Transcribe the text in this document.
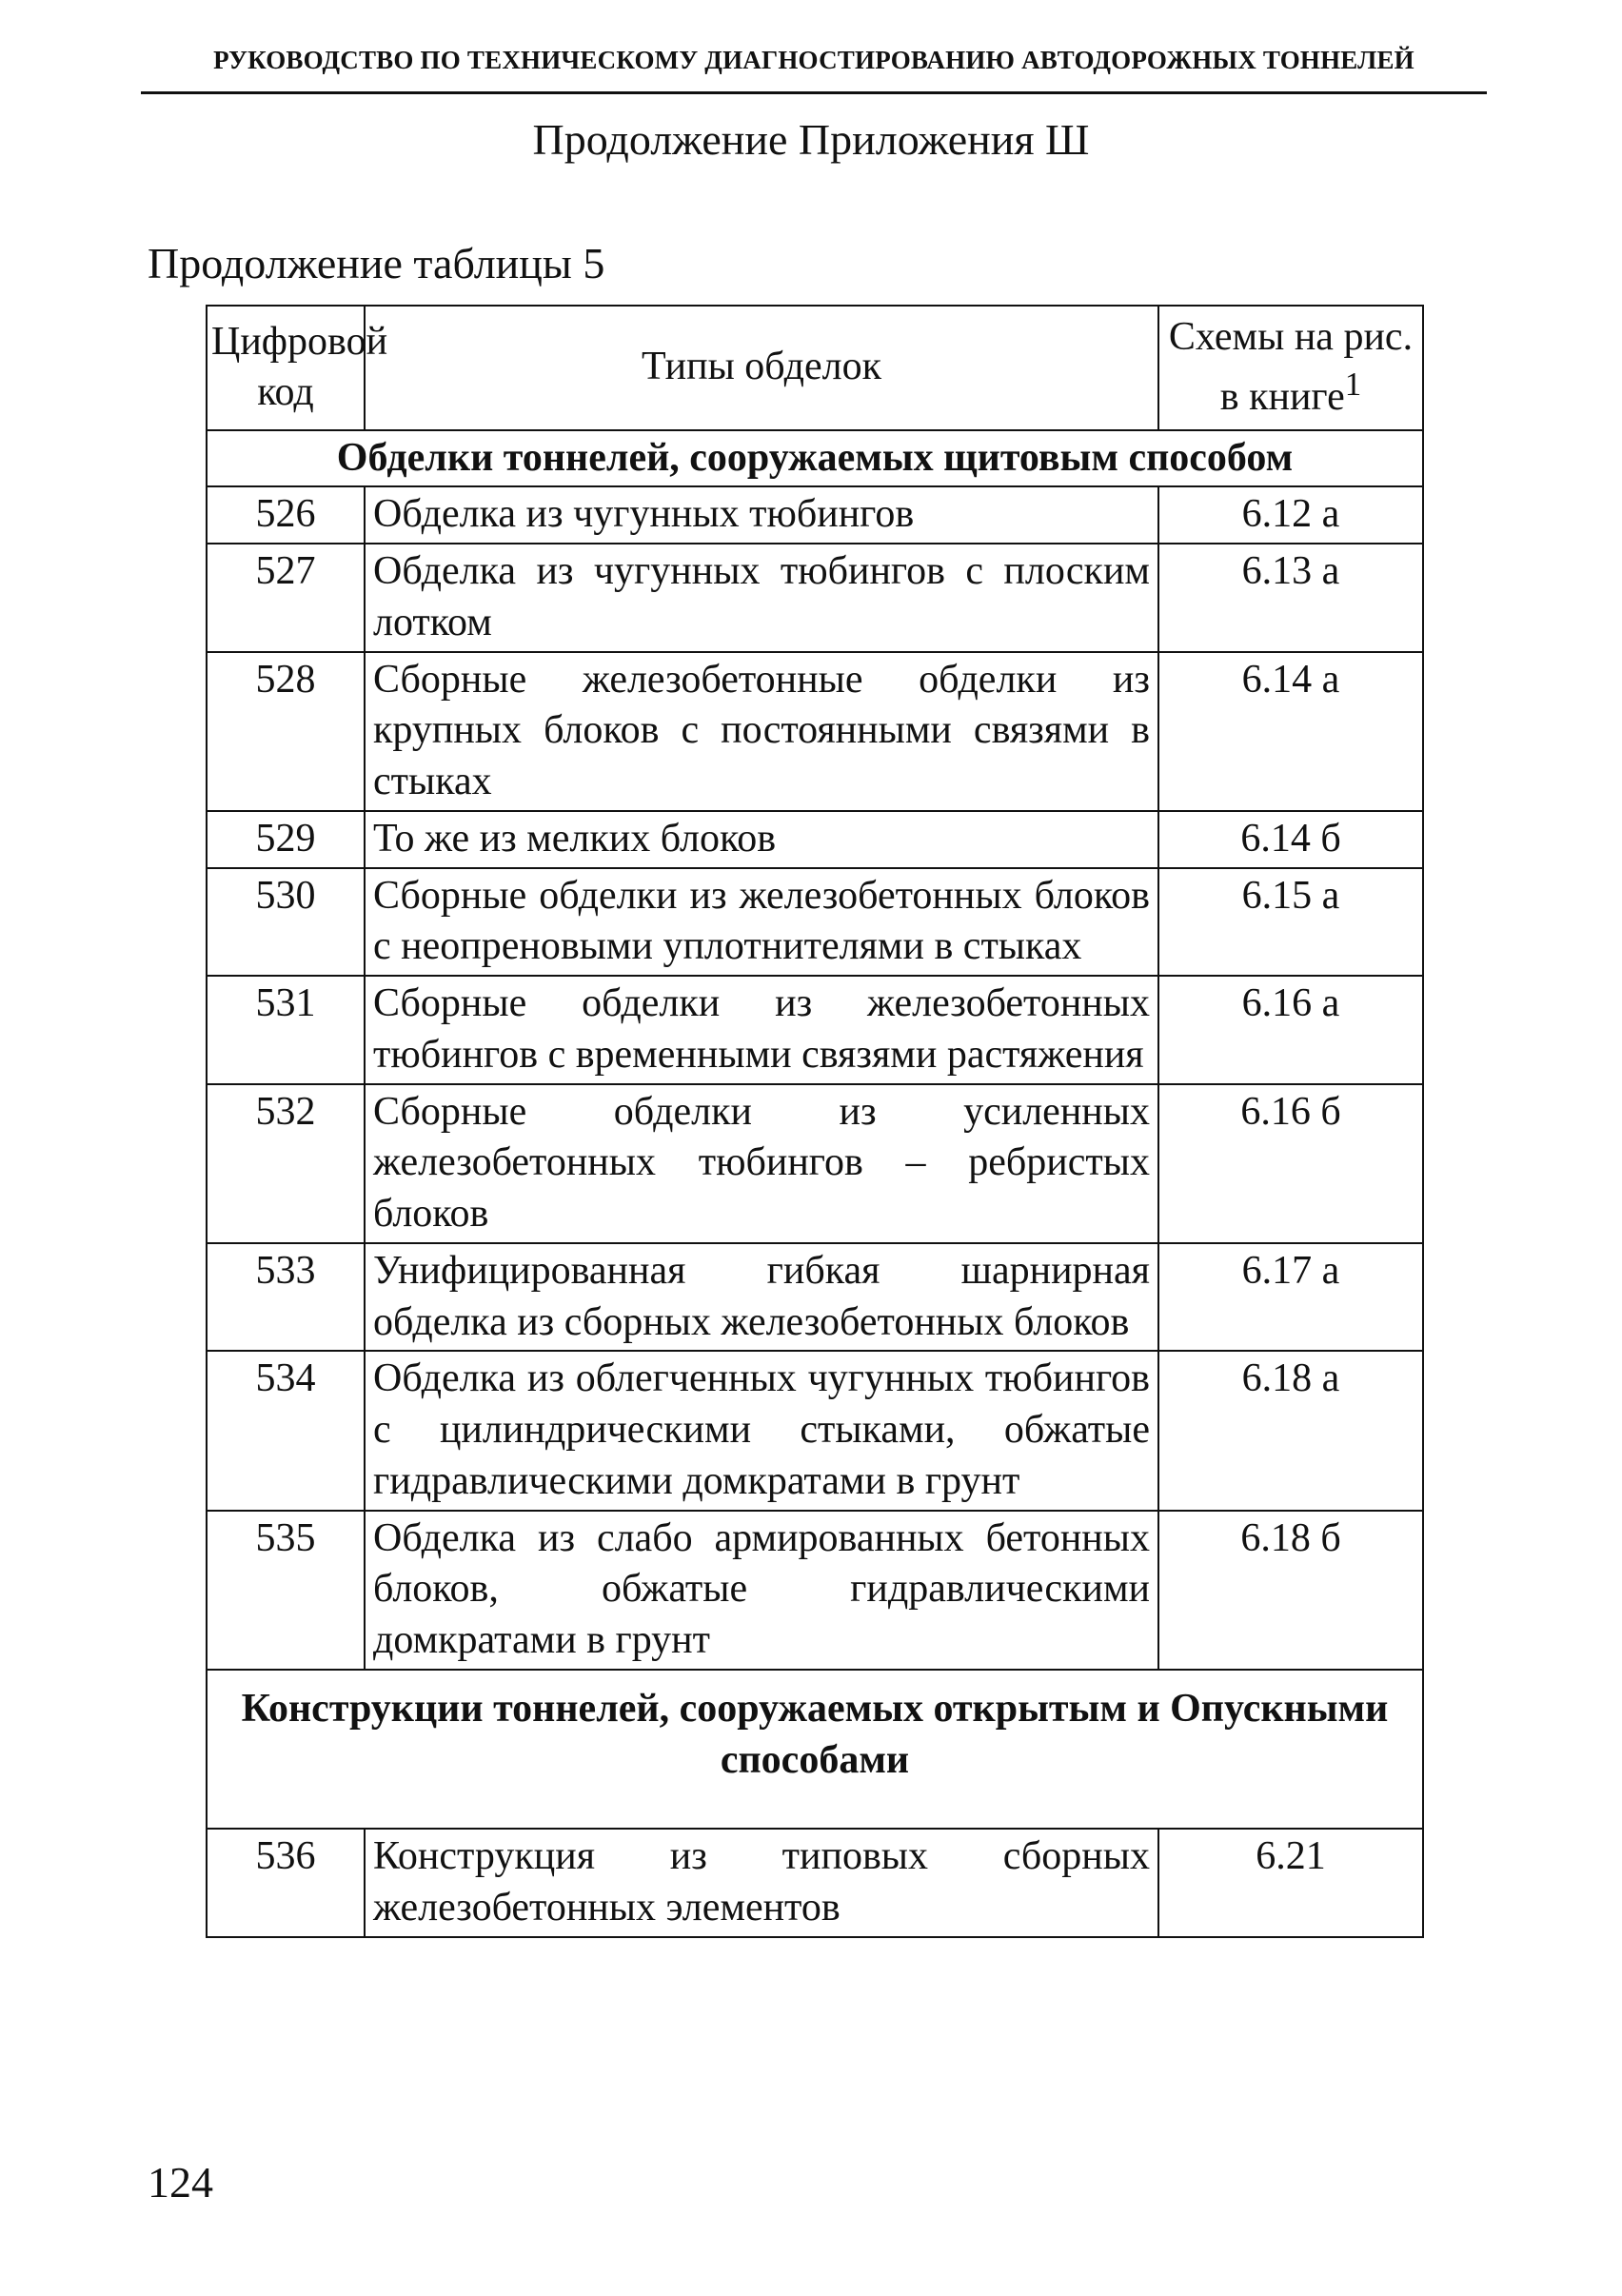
РУКОВОДСТВО ПО ТЕХНИЧЕСКОМУ ДИАГНОСТИРОВАНИЮ АВТОДОРОЖНЫХ ТОННЕЛЕЙ
Продолжение Приложения Ш
Продолжение таблицы 5
Цифровой код	Типы обделок	Схемы на рис. в книге$^1$
Обделки тоннелей, сооружаемых щитовым способом		
526	Обделка из чугунных тюбингов	6.12 а
527	Обделка из чугунных тюбингов с плоским лотком	6.13 а
528	Сборные железобетонные обделки из крупных блоков с постоянными связями в стыках	6.14 а
529	То же из мелких блоков	6.14 б
530	Сборные обделки из железобетонных блоков с неопреновыми уплотнителями в стыках	6.15 а
531	Сборные обделки из железобетонных тюбингов с временными связями растяжения	6.16 а
532	Сборные обделки из усиленных железобетонных тюбингов – ребристых блоков	6.16 б
533	Унифицированная гибкая шарнирная обделка из сборных железобетонных блоков	6.17 а
534	Обделка из облегченных чугунных тюбингов с цилиндрическими стыками, обжатые гидравлическими домкратами в грунт	6.18 а
535	Обделка из слабо армированных бетонных блоков, обжатые гидравлическими домкратами в грунт	6.18 б
Конструкции тоннелей, сооружаемых открытым и Опускными способами		
536	Конструкция из типовых сборных железобетонных элементов	6.21
124
